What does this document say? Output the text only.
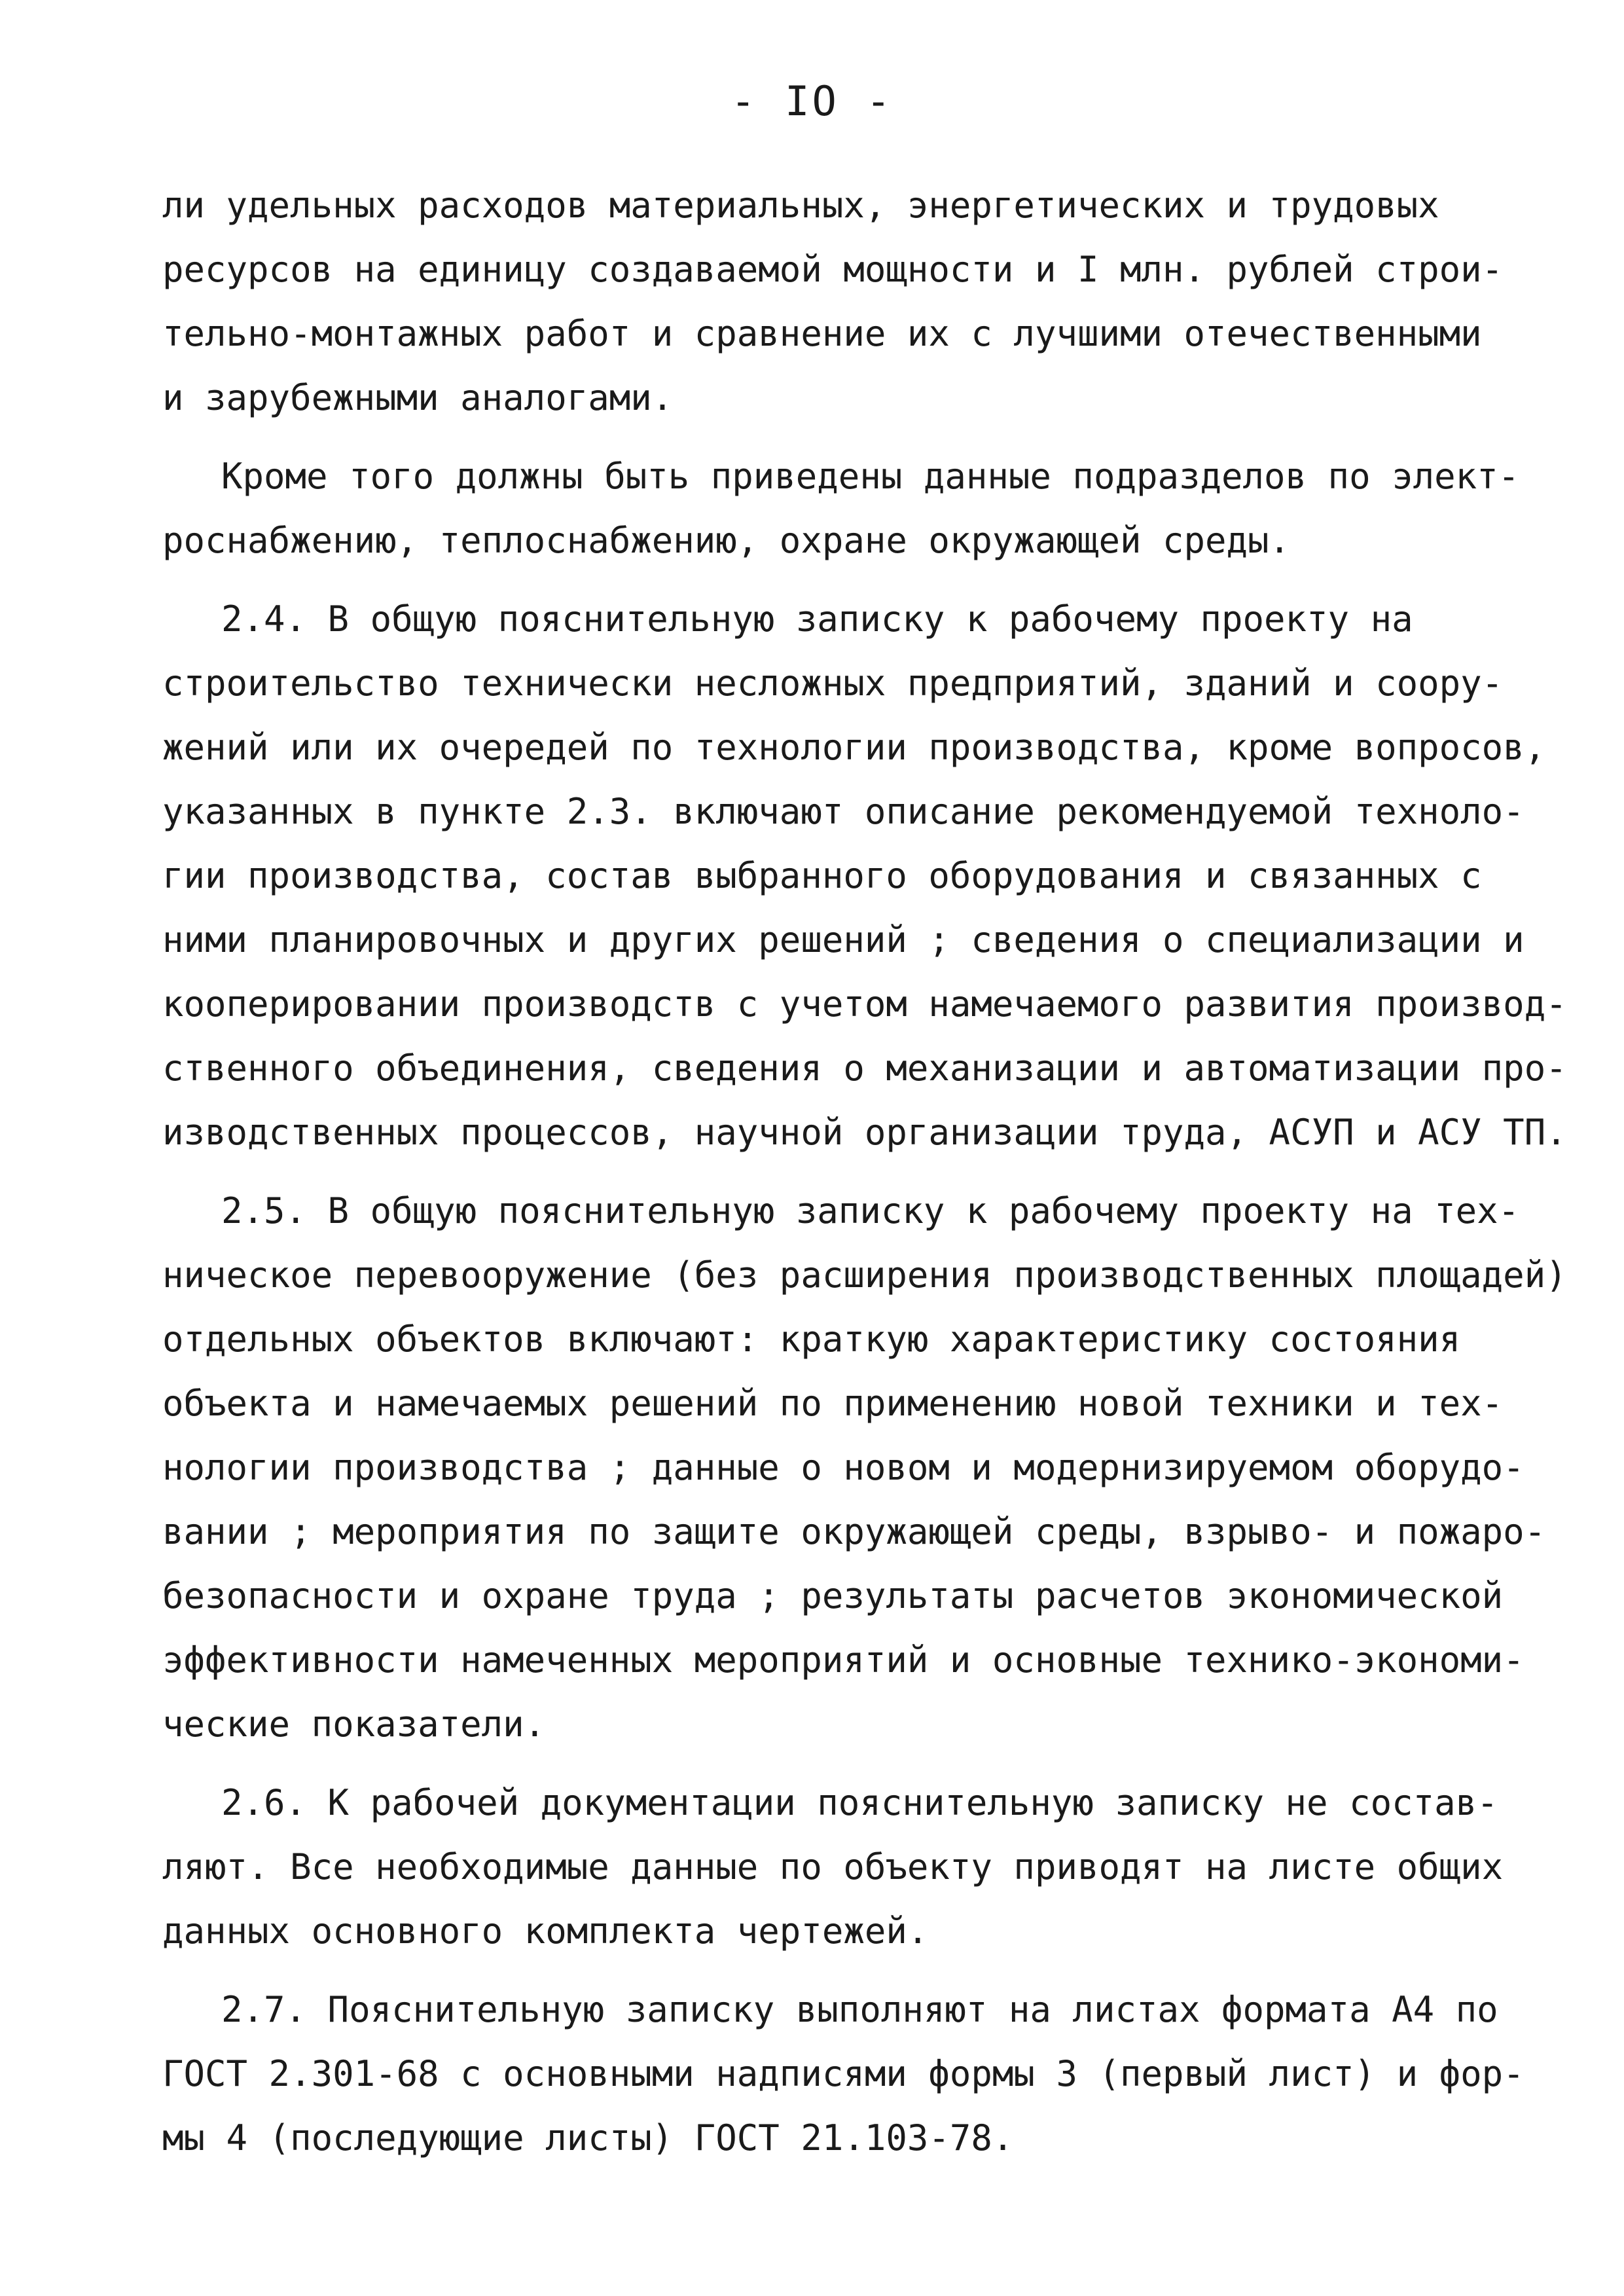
- IO -
ли удельных расходов материальных, энергетических и трудовых
ресурсов на единицу создаваемой мощности и I млн. рублей строи-
тельно-монтажных работ и сравнение их с лучшими отечественными
и зарубежными аналогами.
Кроме того должны быть приведены данные подразделов по элект-
роснабжению, теплоснабжению, охране окружающей среды.
2.4. В общую пояснительную записку к рабочему проекту на
строительство технически несложных предприятий, зданий и соору-
жений или их очередей по технологии производства, кроме вопросов,
указанных в пункте 2.3. включают описание рекомендуемой техноло-
гии производства, состав выбранного оборудования и связанных с
ними планировочных и других решений ; сведения о специализации и
кооперировании производств с учетом намечаемого развития производ-
ственного объединения, сведения о механизации и автоматизации про-
изводственных процессов, научной организации труда, АСУП и АСУ ТП.
2.5. В общую пояснительную записку к рабочему проекту на тех-
ническое перевооружение (без расширения производственных площадей)
отдельных объектов включают: краткую характеристику состояния
объекта и намечаемых решений по применению новой техники и тех-
нологии производства ; данные о новом и модернизируемом оборудо-
вании ; мероприятия по защите окружающей среды, взрыво- и пожаро-
безопасности и охране труда ; результаты расчетов экономической
эффективности намеченных мероприятий и основные технико-экономи-
ческие показатели.
2.6. К рабочей документации пояснительную записку не состав-
ляют. Все необходимые данные по объекту приводят на листе общих
данных основного комплекта чертежей.
2.7. Пояснительную записку выполняют на листах формата А4 по
ГОСТ 2.301-68 с основными надписями формы 3 (первый лист) и фор-
мы 4 (последующие листы) ГОСТ 21.103-78.
